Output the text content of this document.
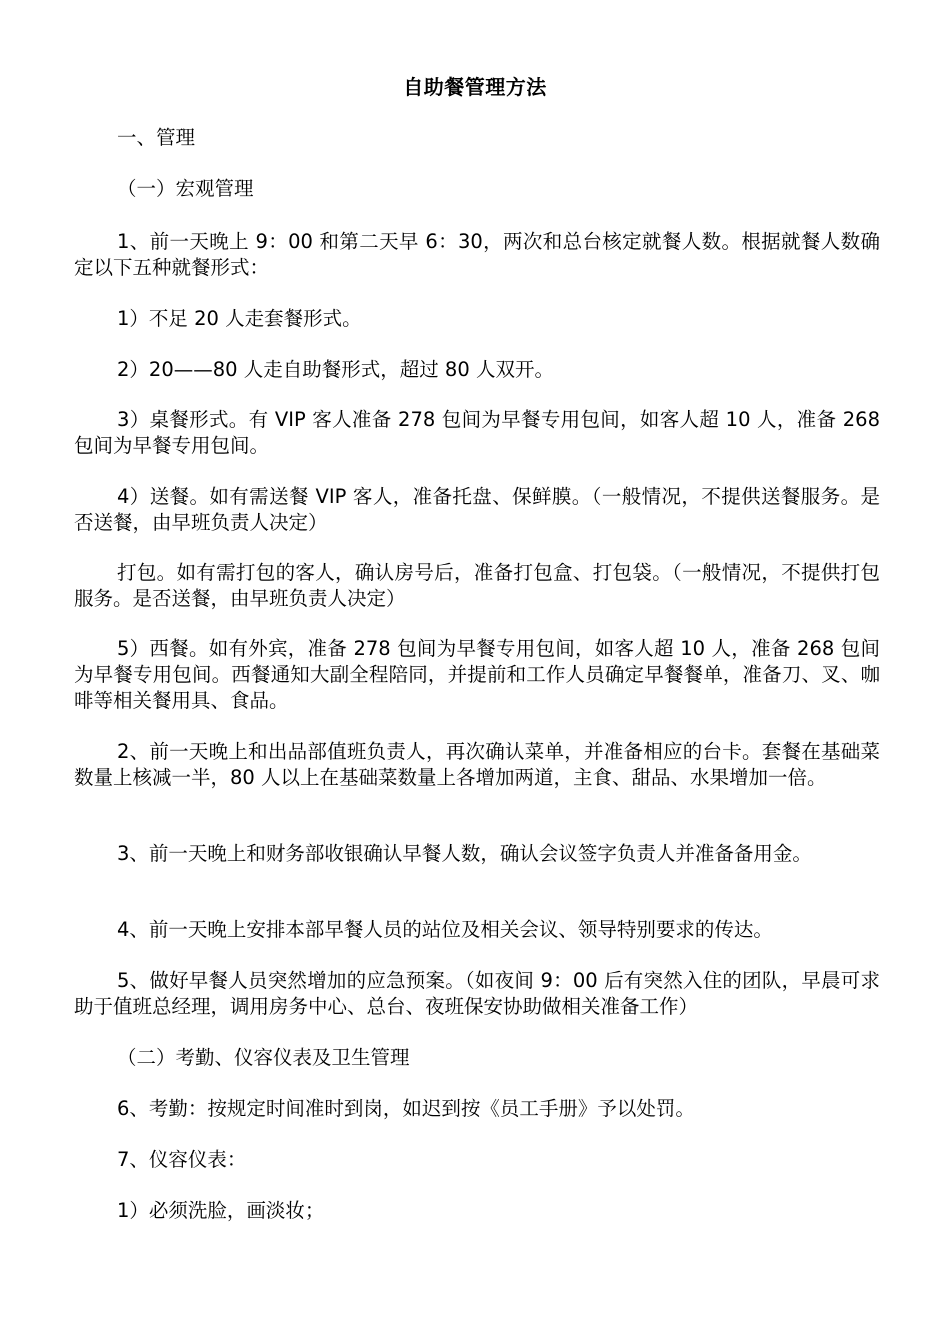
自助餐管理方法

一、管理

（一）宏观管理

1、前一天晚上 9：00 和第二天早 6：30，两次和总台核定就餐人数。根据就餐人数确定以下五种就餐形式：

1）不足 20 人走套餐形式。

2）20——80 人走自助餐形式，超过 80 人双开。

3）桌餐形式。有 VIP 客人准备 278 包间为早餐专用包间，如客人超 10 人，准备 268 包间为早餐专用包间。

4）送餐。如有需送餐 VIP 客人，准备托盘、保鲜膜。（一般情况，不提供送餐服务。是否送餐，由早班负责人决定）

打包。如有需打包的客人，确认房号后，准备打包盒、打包袋。（一般情况，不提供打包服务。是否送餐，由早班负责人决定）

5）西餐。如有外宾，准备 278 包间为早餐专用包间，如客人超 10 人，准备 268 包间为早餐专用包间。西餐通知大副全程陪同，并提前和工作人员确定早餐餐单，准备刀、叉、咖啡等相关餐用具、食品。

2、前一天晚上和出品部值班负责人，再次确认菜单，并准备相应的台卡。套餐在基础菜数量上核减一半，80 人以上在基础菜数量上各增加两道，主食、甜品、水果增加一倍。

3、前一天晚上和财务部收银确认早餐人数，确认会议签字负责人并准备备用金。

4、前一天晚上安排本部早餐人员的站位及相关会议、领导特别要求的传达。

5、做好早餐人员突然增加的应急预案。（如夜间 9：00 后有突然入住的团队，早晨可求助于值班总经理，调用房务中心、总台、夜班保安协助做相关准备工作）

（二）考勤、仪容仪表及卫生管理

6、考勤：按规定时间准时到岗，如迟到按《员工手册》予以处罚。

7、仪容仪表：

1）必须洗脸，画淡妆；
